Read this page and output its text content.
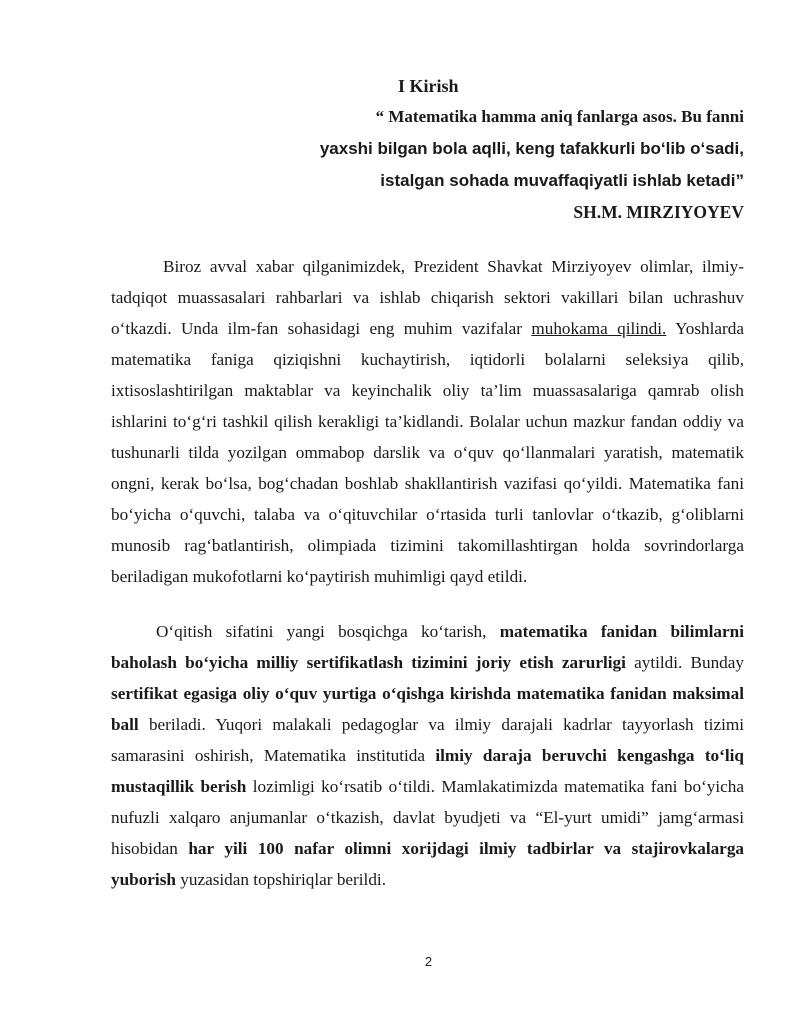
I Kirish
“ Matematika hamma aniq fanlarga asos. Bu fanni
yaxshi bilgan bola aqlli, keng tafakkurli bo‘lib o‘sadi,
istalgan sohada muvaffaqiyatli ishlab ketadi”
SH.M. MIRZIYOYEV

Biroz avval xabar qilganimizdek, Prezident Shavkat Mirziyoyev olimlar, ilmiy-tadqiqot muassasalari rahbarlari va ishlab chiqarish sektori vakillari bilan uchrashuv o‘tkazdi. Unda ilm-fan sohasidagi eng muhim vazifalar muhokama qilindi. Yoshlarda matematika faniga qiziqishni kuchaytirish, iqtidorli bolalarni seleksiya qilib, ixtisoslashtirilgan maktablar va keyinchalik oliy ta’lim muassasalariga qamrab olish ishlarini to‘g‘ri tashkil qilish kerakligi ta’kidlandi. Bolalar uchun mazkur fandan oddiy va tushunarli tilda yozilgan ommabop darslik va o‘quv qo‘llanmalari yaratish, matematik ongni, kerak bo‘lsa, bog‘chadan boshlab shakllantirish vazifasi qo‘yildi. Matematika fani bo‘yicha o‘quvchi, talaba va o‘qituvchilar o‘rtasida turli tanlovlar o‘tkazib, g‘oliblarni munosib rag‘batlantirish, olimpiada tizimini takomillashtirgan holda sovrindorlarga beriladigan mukofotlarni ko‘paytirish muhimligi qayd etildi.

O‘qitish sifatini yangi bosqichga ko‘tarish, matematika fanidan bilimlarni baholash bo‘yicha milliy sertifikatlash tizimini joriy etish zarurligi aytildi. Bunday sertifikat egasiga oliy o‘quv yurtiga o‘qishga kirishda matematika fanidan maksimal ball beriladi. Yuqori malakali pedagoglar va ilmiy darajali kadrlar tayyorlash tizimi samarasini oshirish, Matematika institutida ilmiy daraja beruvchi kengashga to‘liq mustaqillik berish lozimligi ko‘rsatib o‘tildi. Mamlakatimizda matematika fani bo‘yicha nufuzli xalqaro anjumanlar o‘tkazish, davlat byudjeti va “El-yurt umidi” jamg‘armasi hisobidan har yili 100 nafar olimni xorijdagi ilmiy tadbirlar va stajirovkalarga yuborish yuzasidan topshiriqlar berildi.

2
